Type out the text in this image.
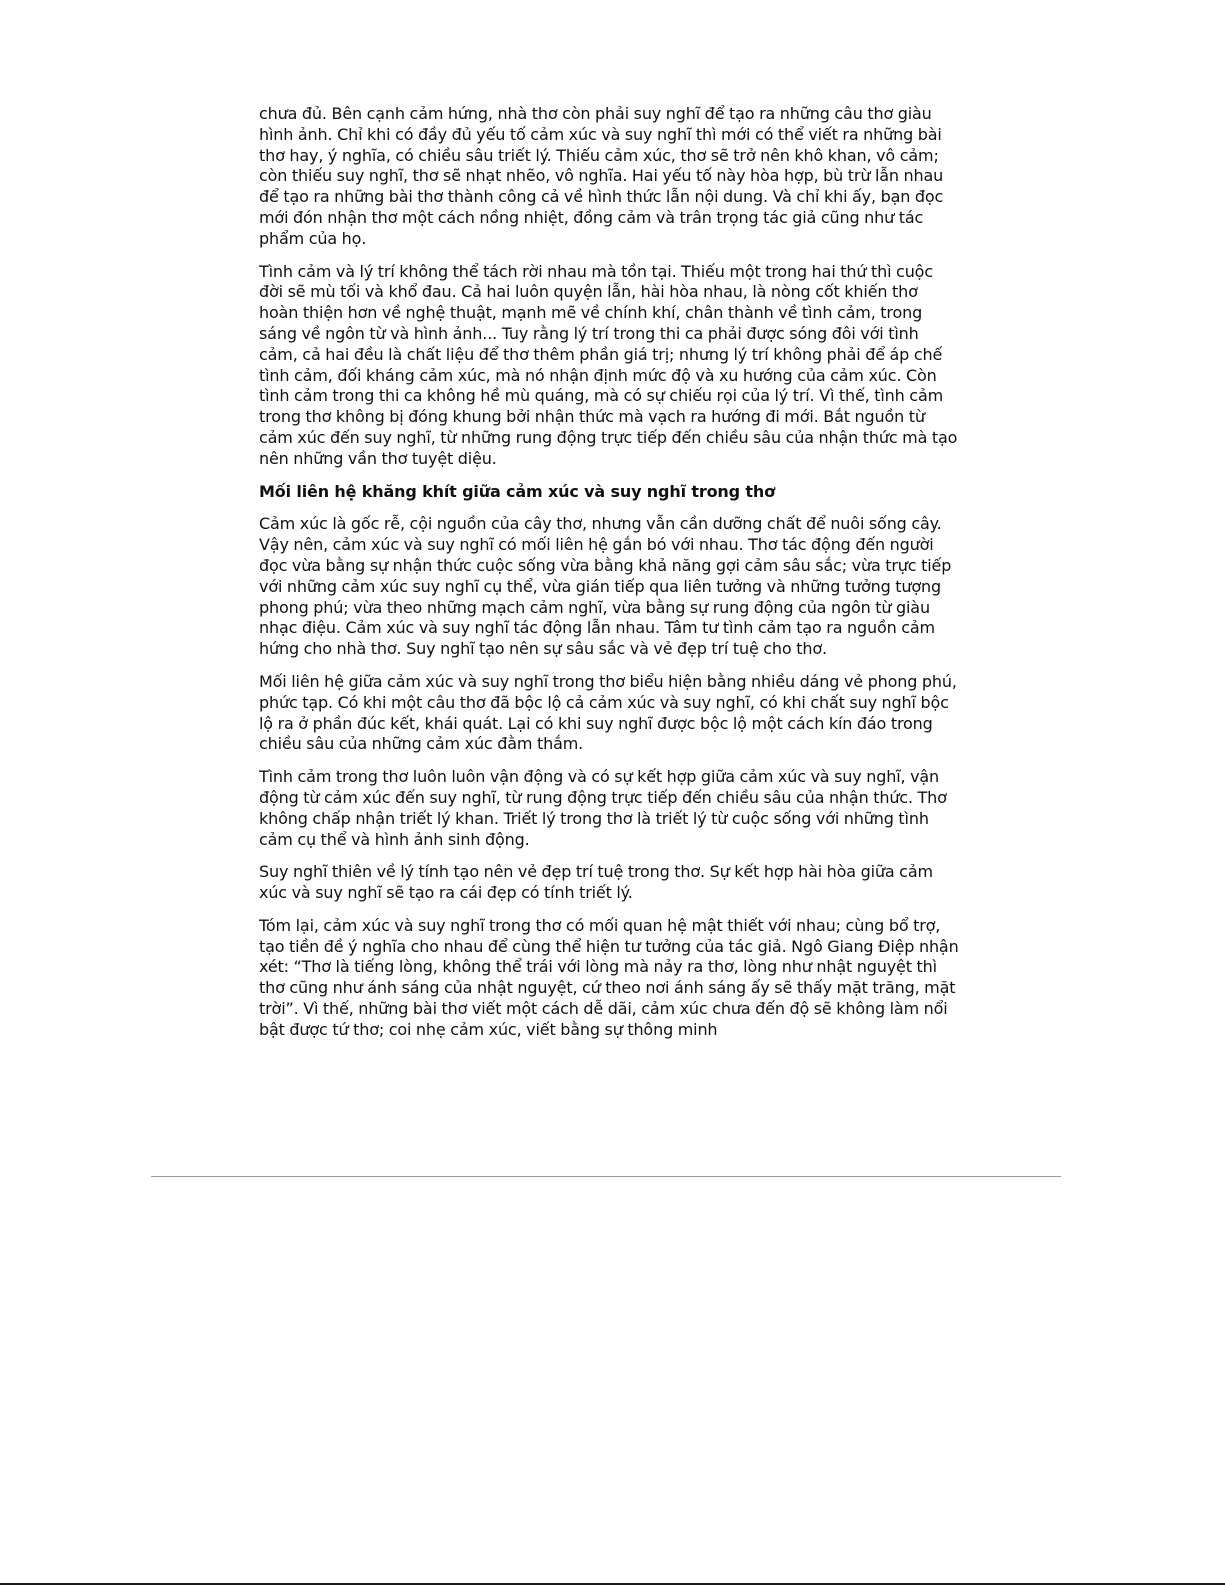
chưa đủ. Bên cạnh cảm hứng, nhà thơ còn phải suy nghĩ để tạo ra những câu thơ giàu hình ảnh. Chỉ khi có đầy đủ yếu tố cảm xúc và suy nghĩ thì mới có thể viết ra những bài thơ hay, ý nghĩa, có chiều sâu triết lý. Thiếu cảm xúc, thơ sẽ trở nên khô khan, vô cảm; còn thiếu suy nghĩ, thơ sẽ nhạt nhẽo, vô nghĩa. Hai yếu tố này hòa hợp, bù trừ lẫn nhau để tạo ra những bài thơ thành công cả về hình thức lẫn nội dung. Và chỉ khi ấy, bạn đọc mới đón nhận thơ một cách nồng nhiệt, đồng cảm và trân trọng tác giả cũng như tác phẩm của họ.

Tình cảm và lý trí không thể tách rời nhau mà tồn tại. Thiếu một trong hai thứ thì cuộc đời sẽ mù tối và khổ đau. Cả hai luôn quyện lẫn, hài hòa nhau, là nòng cốt khiến thơ hoàn thiện hơn về nghệ thuật, mạnh mẽ về chính khí, chân thành về tình cảm, trong sáng về ngôn từ và hình ảnh... Tuy rằng lý trí trong thi ca phải được sóng đôi với tình cảm, cả hai đều là chất liệu để thơ thêm phần giá trị; nhưng lý trí không phải để áp chế tình cảm, đối kháng cảm xúc, mà nó nhận định mức độ và xu hướng của cảm xúc. Còn tình cảm trong thi ca không hề mù quáng, mà có sự chiếu rọi của lý trí. Vì thế, tình cảm trong thơ không bị đóng khung bởi nhận thức mà vạch ra hướng đi mới. Bắt nguồn từ cảm xúc đến suy nghĩ, từ những rung động trực tiếp đến chiều sâu của nhận thức mà tạo nên những vần thơ tuyệt diệu.

Mối liên hệ khăng khít giữa cảm xúc và suy nghĩ trong thơ

Cảm xúc là gốc rễ, cội nguồn của cây thơ, nhưng vẫn cần dưỡng chất để nuôi sống cây. Vậy nên, cảm xúc và suy nghĩ có mối liên hệ gắn bó với nhau. Thơ tác động đến người đọc vừa bằng sự nhận thức cuộc sống vừa bằng khả năng gợi cảm sâu sắc; vừa trực tiếp với những cảm xúc suy nghĩ cụ thể, vừa gián tiếp qua liên tưởng và những tưởng tượng phong phú; vừa theo những mạch cảm nghĩ, vừa bằng sự rung động của ngôn từ giàu nhạc điệu. Cảm xúc và suy nghĩ tác động lẫn nhau. Tâm tư tình cảm tạo ra nguồn cảm hứng cho nhà thơ. Suy nghĩ tạo nên sự sâu sắc và vẻ đẹp trí tuệ cho thơ.

Mối liên hệ giữa cảm xúc và suy nghĩ trong thơ biểu hiện bằng nhiều dáng vẻ phong phú, phức tạp. Có khi một câu thơ đã bộc lộ cả cảm xúc và suy nghĩ, có khi chất suy nghĩ bộc lộ ra ở phần đúc kết, khái quát. Lại có khi suy nghĩ được bộc lộ một cách kín đáo trong chiều sâu của những cảm xúc đằm thắm.

Tình cảm trong thơ luôn luôn vận động và có sự kết hợp giữa cảm xúc và suy nghĩ, vận động từ cảm xúc đến suy nghĩ, từ rung động trực tiếp đến chiều sâu của nhận thức. Thơ không chấp nhận triết lý khan. Triết lý trong thơ là triết lý từ cuộc sống với những tình cảm cụ thể và hình ảnh sinh động.

Suy nghĩ thiên về lý tính tạo nên vẻ đẹp trí tuệ trong thơ. Sự kết hợp hài hòa giữa cảm xúc và suy nghĩ sẽ tạo ra cái đẹp có tính triết lý.

Tóm lại, cảm xúc và suy nghĩ trong thơ có mối quan hệ mật thiết với nhau; cùng bổ trợ, tạo tiền đề ý nghĩa cho nhau để cùng thể hiện tư tưởng của tác giả. Ngô Giang Điệp nhận xét: “Thơ là tiếng lòng, không thể trái với lòng mà nảy ra thơ, lòng như nhật nguyệt thì thơ cũng như ánh sáng của nhật nguyệt, cứ theo nơi ánh sáng ấy sẽ thấy mặt trăng, mặt trời”. Vì thế, những bài thơ viết một cách dễ dãi, cảm xúc chưa đến độ sẽ không làm nổi bật được tứ thơ; coi nhẹ cảm xúc, viết bằng sự thông minh
